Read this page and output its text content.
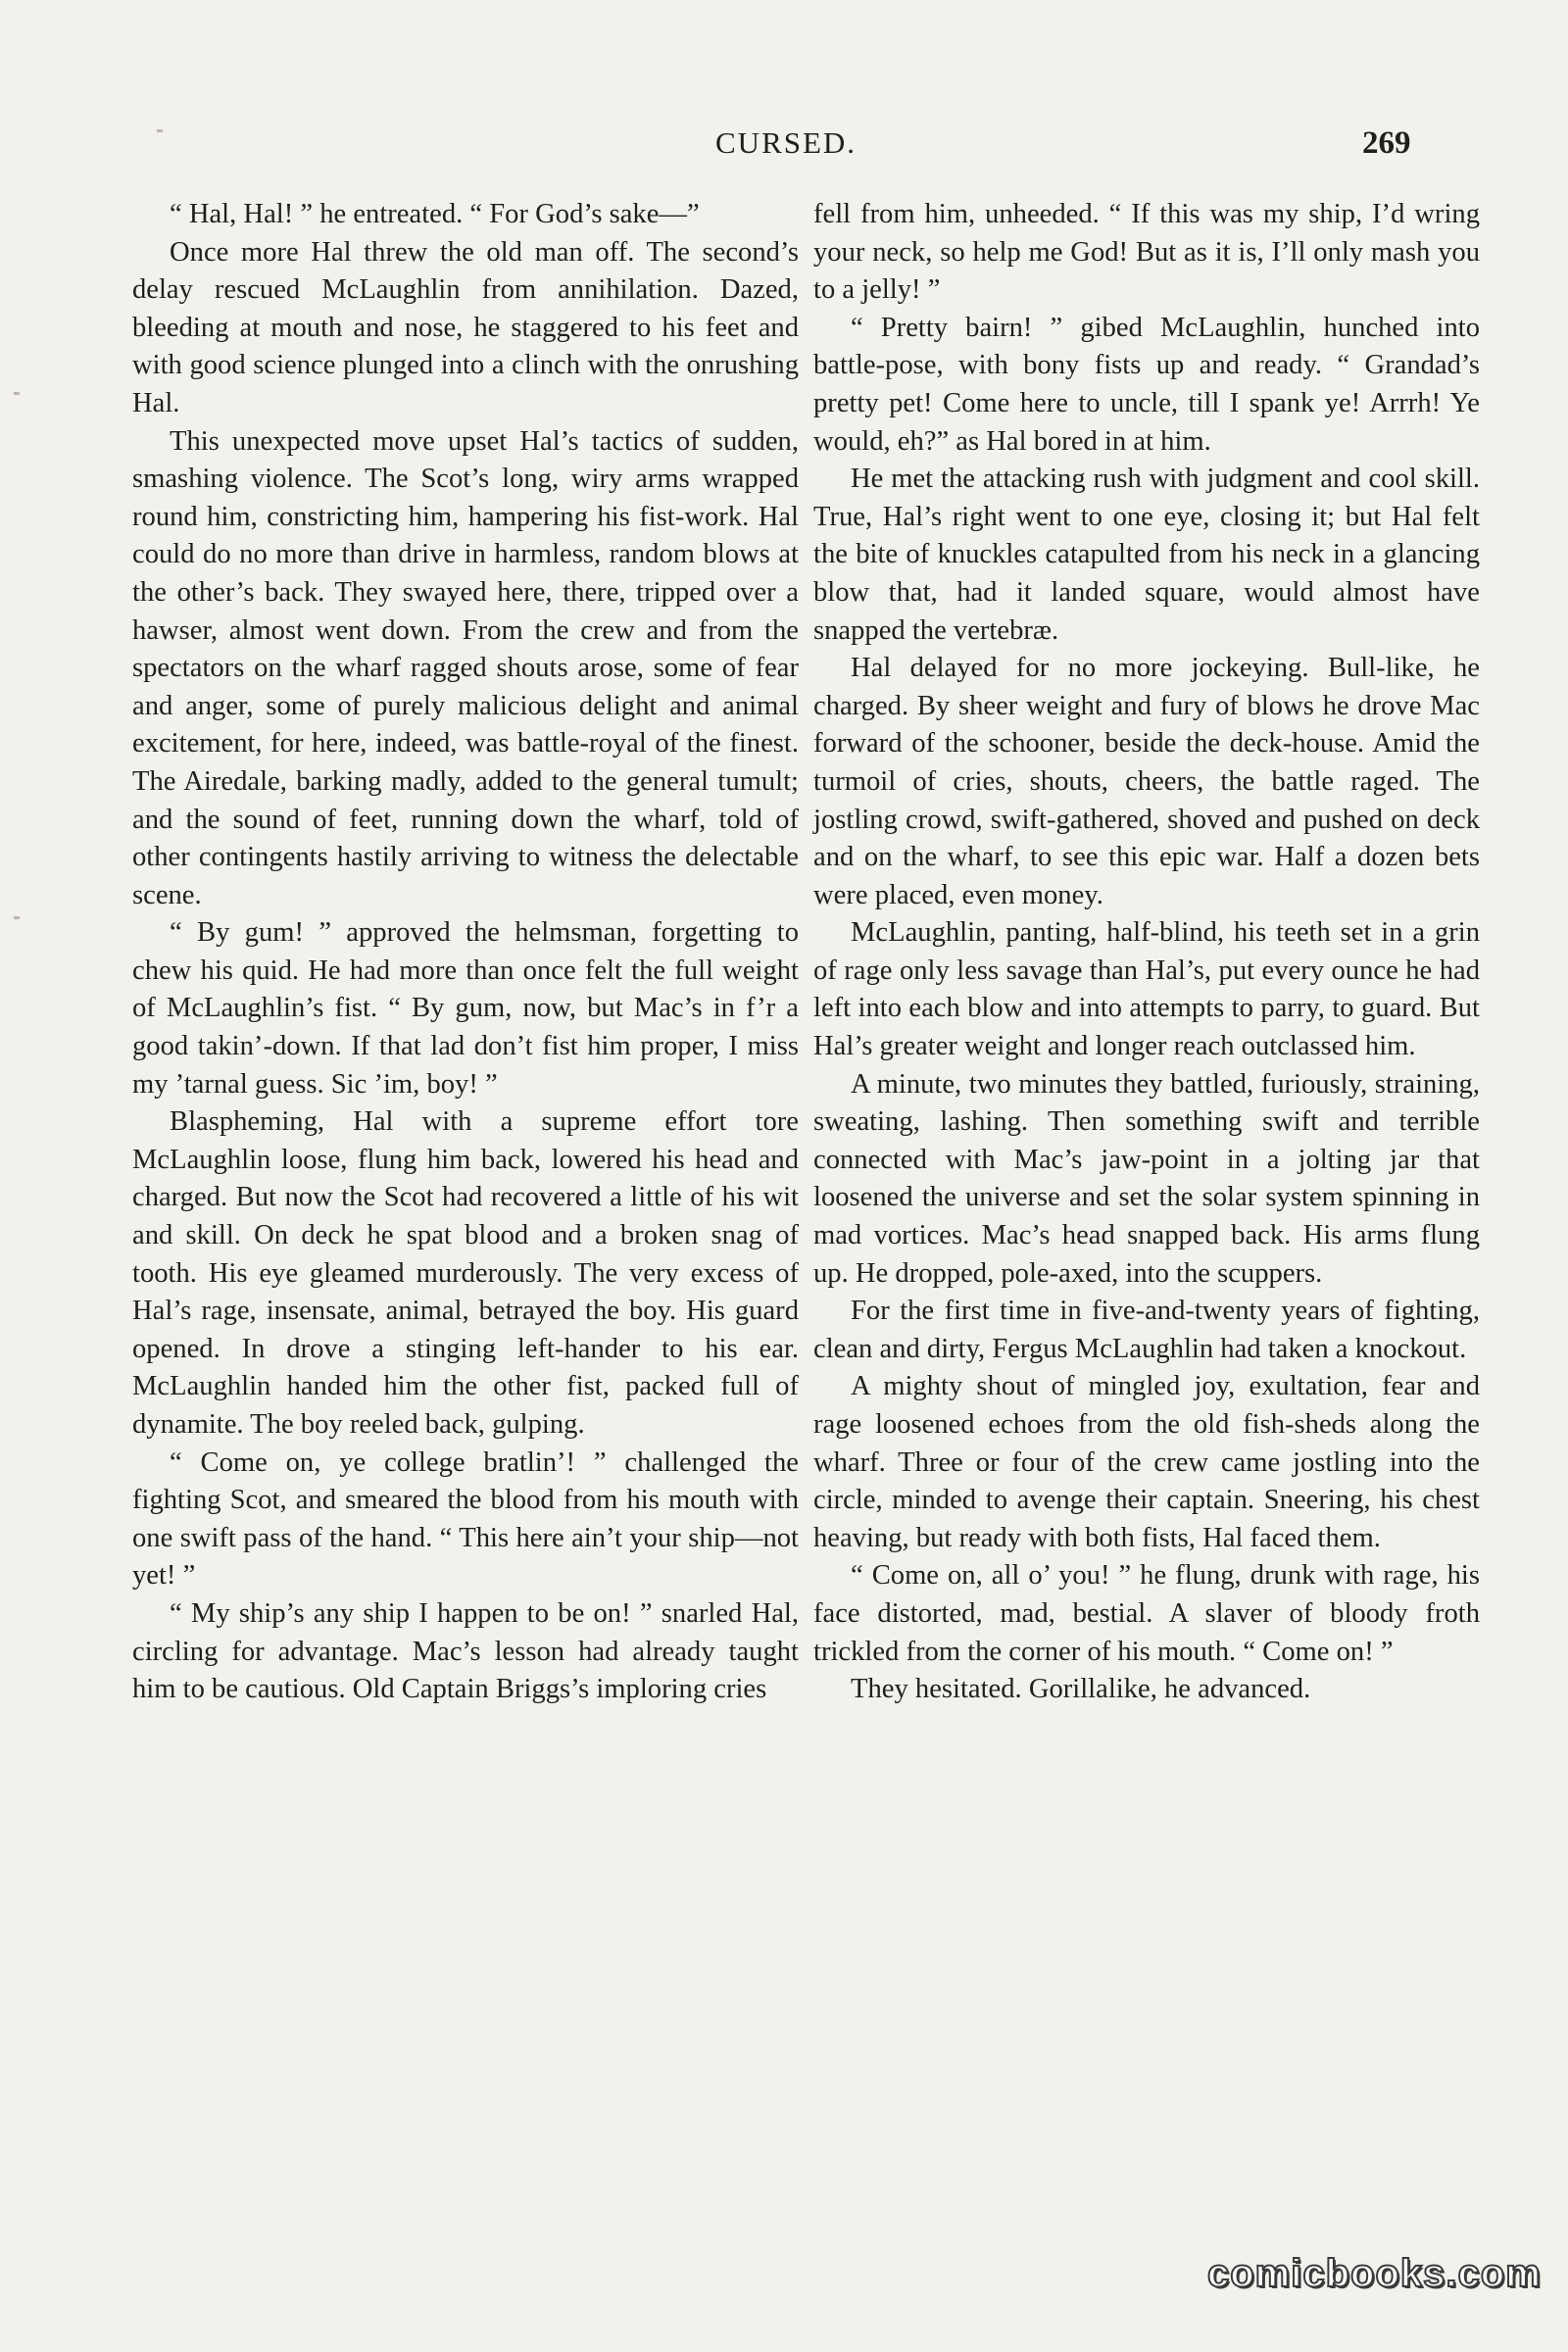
CURSED.	269

“ Hal, Hal! ” he entreated. “ For God’s sake—”

Once more Hal threw the old man off. The second’s delay rescued McLaughlin from annihilation. Dazed, bleeding at mouth and nose, he staggered to his feet and with good science plunged into a clinch with the onrushing Hal.

This unexpected move upset Hal’s tactics of sudden, smashing violence. The Scot’s long, wiry arms wrapped round him, constricting him, hampering his fist-work. Hal could do no more than drive in harmless, random blows at the other’s back. They swayed here, there, tripped over a hawser, almost went down. From the crew and from the spectators on the wharf ragged shouts arose, some of fear and anger, some of purely malicious delight and animal excitement, for here, indeed, was battle-royal of the finest. The Airedale, barking madly, added to the general tumult; and the sound of feet, running down the wharf, told of other contingents hastily arriving to witness the delectable scene.

“ By gum! ” approved the helmsman, forgetting to chew his quid. He had more than once felt the full weight of McLaughlin’s fist. “ By gum, now, but Mac’s in f’r a good takin’-down. If that lad don’t fist him proper, I miss my ’tarnal guess. Sic ’im, boy! ”

Blaspheming, Hal with a supreme effort tore McLaughlin loose, flung him back, lowered his head and charged. But now the Scot had recovered a little of his wit and skill. On deck he spat blood and a broken snag of tooth. His eye gleamed murderously. The very excess of Hal’s rage, insensate, animal, betrayed the boy. His guard opened. In drove a stinging left-hander to his ear. McLaughlin handed him the other fist, packed full of dynamite. The boy reeled back, gulping.

“ Come on, ye college bratlin’! ” challenged the fighting Scot, and smeared the blood from his mouth with one swift pass of the hand. “ This here ain’t your ship—not yet! ”

“ My ship’s any ship I happen to be on! ” snarled Hal, circling for advantage. Mac’s lesson had already taught him to be cautious. Old Captain Briggs’s imploring cries

fell from him, unheeded. “ If this was my ship, I’d wring your neck, so help me God! But as it is, I’ll only mash you to a jelly! ”

“ Pretty bairn! ” gibed McLaughlin, hunched into battle-pose, with bony fists up and ready. “ Grandad’s pretty pet! Come here to uncle, till I spank ye! Arrrh! Ye would, eh?” as Hal bored in at him.

He met the attacking rush with judgment and cool skill. True, Hal’s right went to one eye, closing it; but Hal felt the bite of knuckles catapulted from his neck in a glancing blow that, had it landed square, would almost have snapped the vertebræ.

Hal delayed for no more jockeying. Bull-like, he charged. By sheer weight and fury of blows he drove Mac forward of the schooner, beside the deck-house. Amid the turmoil of cries, shouts, cheers, the battle raged. The jostling crowd, swift-gathered, shoved and pushed on deck and on the wharf, to see this epic war. Half a dozen bets were placed, even money.

McLaughlin, panting, half-blind, his teeth set in a grin of rage only less savage than Hal’s, put every ounce he had left into each blow and into attempts to parry, to guard. But Hal’s greater weight and longer reach outclassed him.

A minute, two minutes they battled, furiously, straining, sweating, lashing. Then something swift and terrible connected with Mac’s jaw-point in a jolting jar that loosened the universe and set the solar system spinning in mad vortices. Mac’s head snapped back. His arms flung up. He dropped, pole-axed, into the scuppers.

For the first time in five-and-twenty years of fighting, clean and dirty, Fergus McLaughlin had taken a knockout.

A mighty shout of mingled joy, exultation, fear and rage loosened echoes from the old fish-sheds along the wharf. Three or four of the crew came jostling into the circle, minded to avenge their captain. Sneering, his chest heaving, but ready with both fists, Hal faced them.

“ Come on, all o’ you! ” he flung, drunk with rage, his face distorted, mad, bestial. A slaver of bloody froth trickled from the corner of his mouth. “ Come on! ”

They hesitated. Gorillalike, he advanced.

comicbooks.com
